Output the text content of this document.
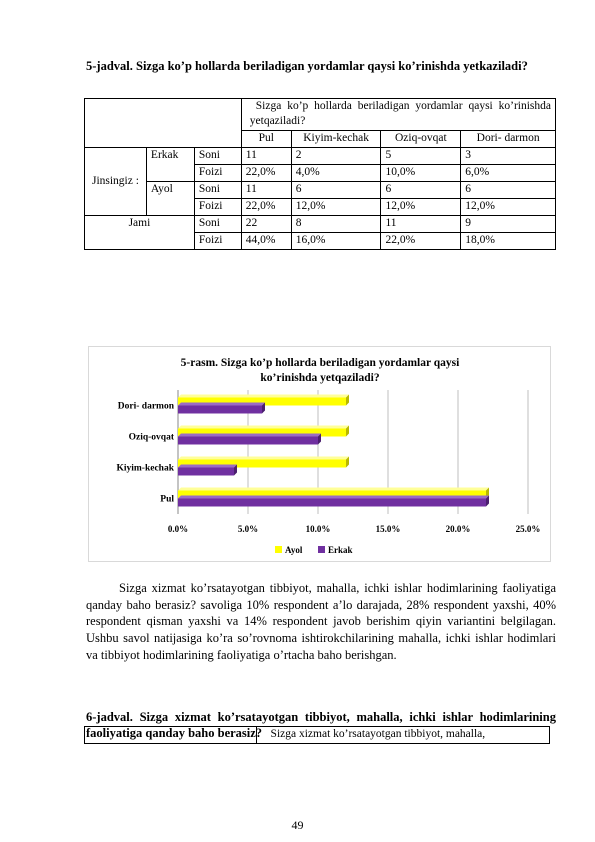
5-jadval. Sizga ko’p hollarda beriladigan yordamlar qaysi ko’rinishda yetkaziladi?
			Sizga ko’p hollarda beriladigan yordamlar qaysi ko’rinishda yetqaziladi?			
			Pul	Kiyim-kechak	Oziq-ovqat	Dori- darmon
Jinsingiz :	Erkak	Soni	11	2	5	3
		Foizi	22,0%	4,0%	10,0%	6,0%
	Ayol	Soni	11	6	6	6
		Foizi	22,0%	12,0%	12,0%	12,0%
Jami		Soni	22	8	11	9
		Foizi	44,0%	16,0%	22,0%	18,0%
5-rasm. Sizga ko’p hollarda beriladigan yordamlar qaysi
ko’rinishda yetqaziladi?
0.0%	5.0%	10.0%	15.0%	20.0%	25.0%
Dori- darmon
Oziq-ovqat
Kiyim-kechak
Pul
Ayol	Erkak
Sizga xizmat ko’rsatayotgan tibbiyot, mahalla, ichki ishlar hodimlarining faoliyatiga qanday baho berasiz? savoliga 10% respondent a’lo darajada, 28% respondent yaxshi, 40% respondent qisman yaxshi va 14% respondent javob berishim qiyin variantini belgilagan. Ushbu savol natijasiga ko’ra so’rovnoma ishtirokchilarining mahalla, ichki ishlar hodimlari va tibbiyot hodimlarining faoliyatiga o’rtacha baho berishgan.
6-jadval. Sizga xizmat ko’rsatayotgan tibbiyot, mahalla, ichki ishlar hodimlarining faoliyatiga qanday baho berasiz?
	Sizga xizmat ko’rsatayotgan tibbiyot, mahalla,
49
